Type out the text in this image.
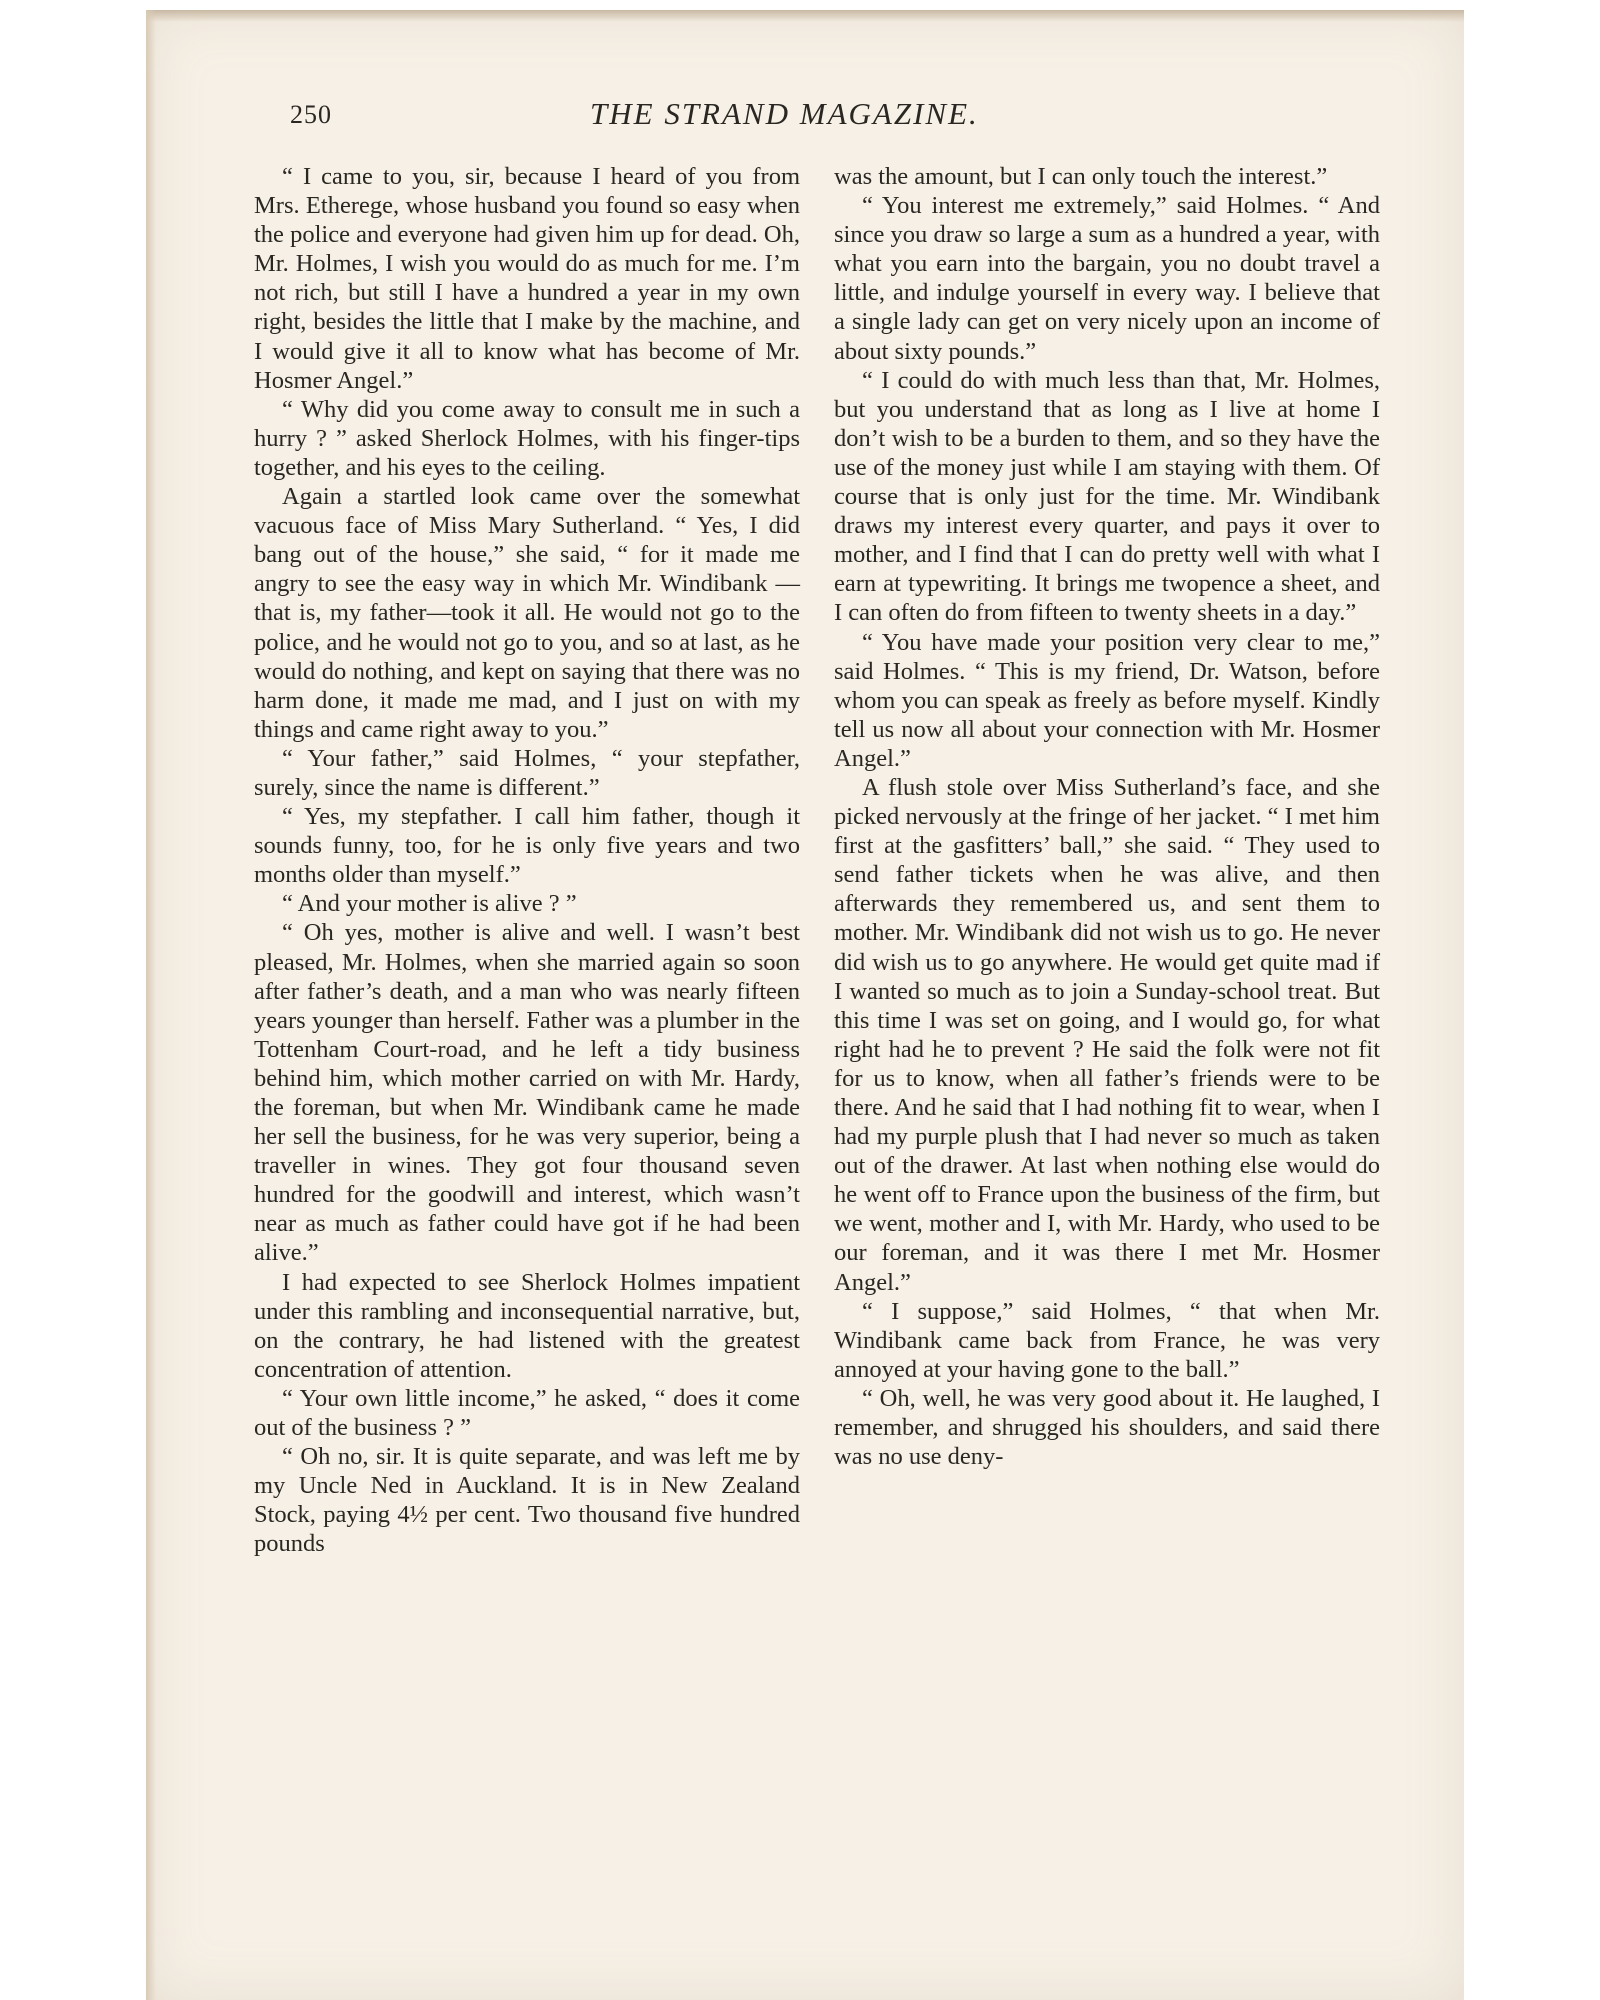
250	THE STRAND MAGAZINE.

“ I came to you, sir, because I heard of you from Mrs. Etherege, whose husband you found so easy when the police and everyone had given him up for dead. Oh, Mr. Holmes, I wish you would do as much for me. I’m not rich, but still I have a hundred a year in my own right, besides the little that I make by the machine, and I would give it all to know what has become of Mr. Hosmer Angel.”

“ Why did you come away to consult me in such a hurry ? ” asked Sherlock Holmes, with his finger-tips together, and his eyes to the ceiling.

Again a startled look came over the somewhat vacuous face of Miss Mary Sutherland. “ Yes, I did bang out of the house,” she said, “ for it made me angry to see the easy way in which Mr. Windibank —that is, my father—took it all. He would not go to the police, and he would not go to you, and so at last, as he would do nothing, and kept on saying that there was no harm done, it made me mad, and I just on with my things and came right away to you.”

“ Your father,” said Holmes, “ your stepfather, surely, since the name is different.”

“ Yes, my stepfather. I call him father, though it sounds funny, too, for he is only five years and two months older than myself.”

“ And your mother is alive ? ”

“ Oh yes, mother is alive and well. I wasn’t best pleased, Mr. Holmes, when she married again so soon after father’s death, and a man who was nearly fifteen years younger than herself. Father was a plumber in the Tottenham Court-road, and he left a tidy business behind him, which mother carried on with Mr. Hardy, the foreman, but when Mr. Windibank came he made her sell the business, for he was very superior, being a traveller in wines. They got four thousand seven hundred for the goodwill and interest, which wasn’t near as much as father could have got if he had been alive.”

I had expected to see Sherlock Holmes impatient under this rambling and inconsequential narrative, but, on the contrary, he had listened with the greatest concentration of attention.

“ Your own little income,” he asked, “ does it come out of the business ? ”

“ Oh no, sir. It is quite separate, and was left me by my Uncle Ned in Auckland. It is in New Zealand Stock, paying 4½ per cent. Two thousand five hundred pounds

was the amount, but I can only touch the interest.”

“ You interest me extremely,” said Holmes. “ And since you draw so large a sum as a hundred a year, with what you earn into the bargain, you no doubt travel a little, and indulge yourself in every way. I believe that a single lady can get on very nicely upon an income of about sixty pounds.”

“ I could do with much less than that, Mr. Holmes, but you understand that as long as I live at home I don’t wish to be a burden to them, and so they have the use of the money just while I am staying with them. Of course that is only just for the time. Mr. Windibank draws my interest every quarter, and pays it over to mother, and I find that I can do pretty well with what I earn at typewriting. It brings me twopence a sheet, and I can often do from fifteen to twenty sheets in a day.”

“ You have made your position very clear to me,” said Holmes. “ This is my friend, Dr. Watson, before whom you can speak as freely as before myself. Kindly tell us now all about your connection with Mr. Hosmer Angel.”

A flush stole over Miss Sutherland’s face, and she picked nervously at the fringe of her jacket. “ I met him first at the gasfitters’ ball,” she said. “ They used to send father tickets when he was alive, and then afterwards they remembered us, and sent them to mother. Mr. Windibank did not wish us to go. He never did wish us to go anywhere. He would get quite mad if I wanted so much as to join a Sunday-school treat. But this time I was set on going, and I would go, for what right had he to prevent ? He said the folk were not fit for us to know, when all father’s friends were to be there. And he said that I had nothing fit to wear, when I had my purple plush that I had never so much as taken out of the drawer. At last when nothing else would do he went off to France upon the business of the firm, but we went, mother and I, with Mr. Hardy, who used to be our foreman, and it was there I met Mr. Hosmer Angel.”

“ I suppose,” said Holmes, “ that when Mr. Windibank came back from France, he was very annoyed at your having gone to the ball.”

“ Oh, well, he was very good about it. He laughed, I remember, and shrugged his shoulders, and said there was no use deny-
